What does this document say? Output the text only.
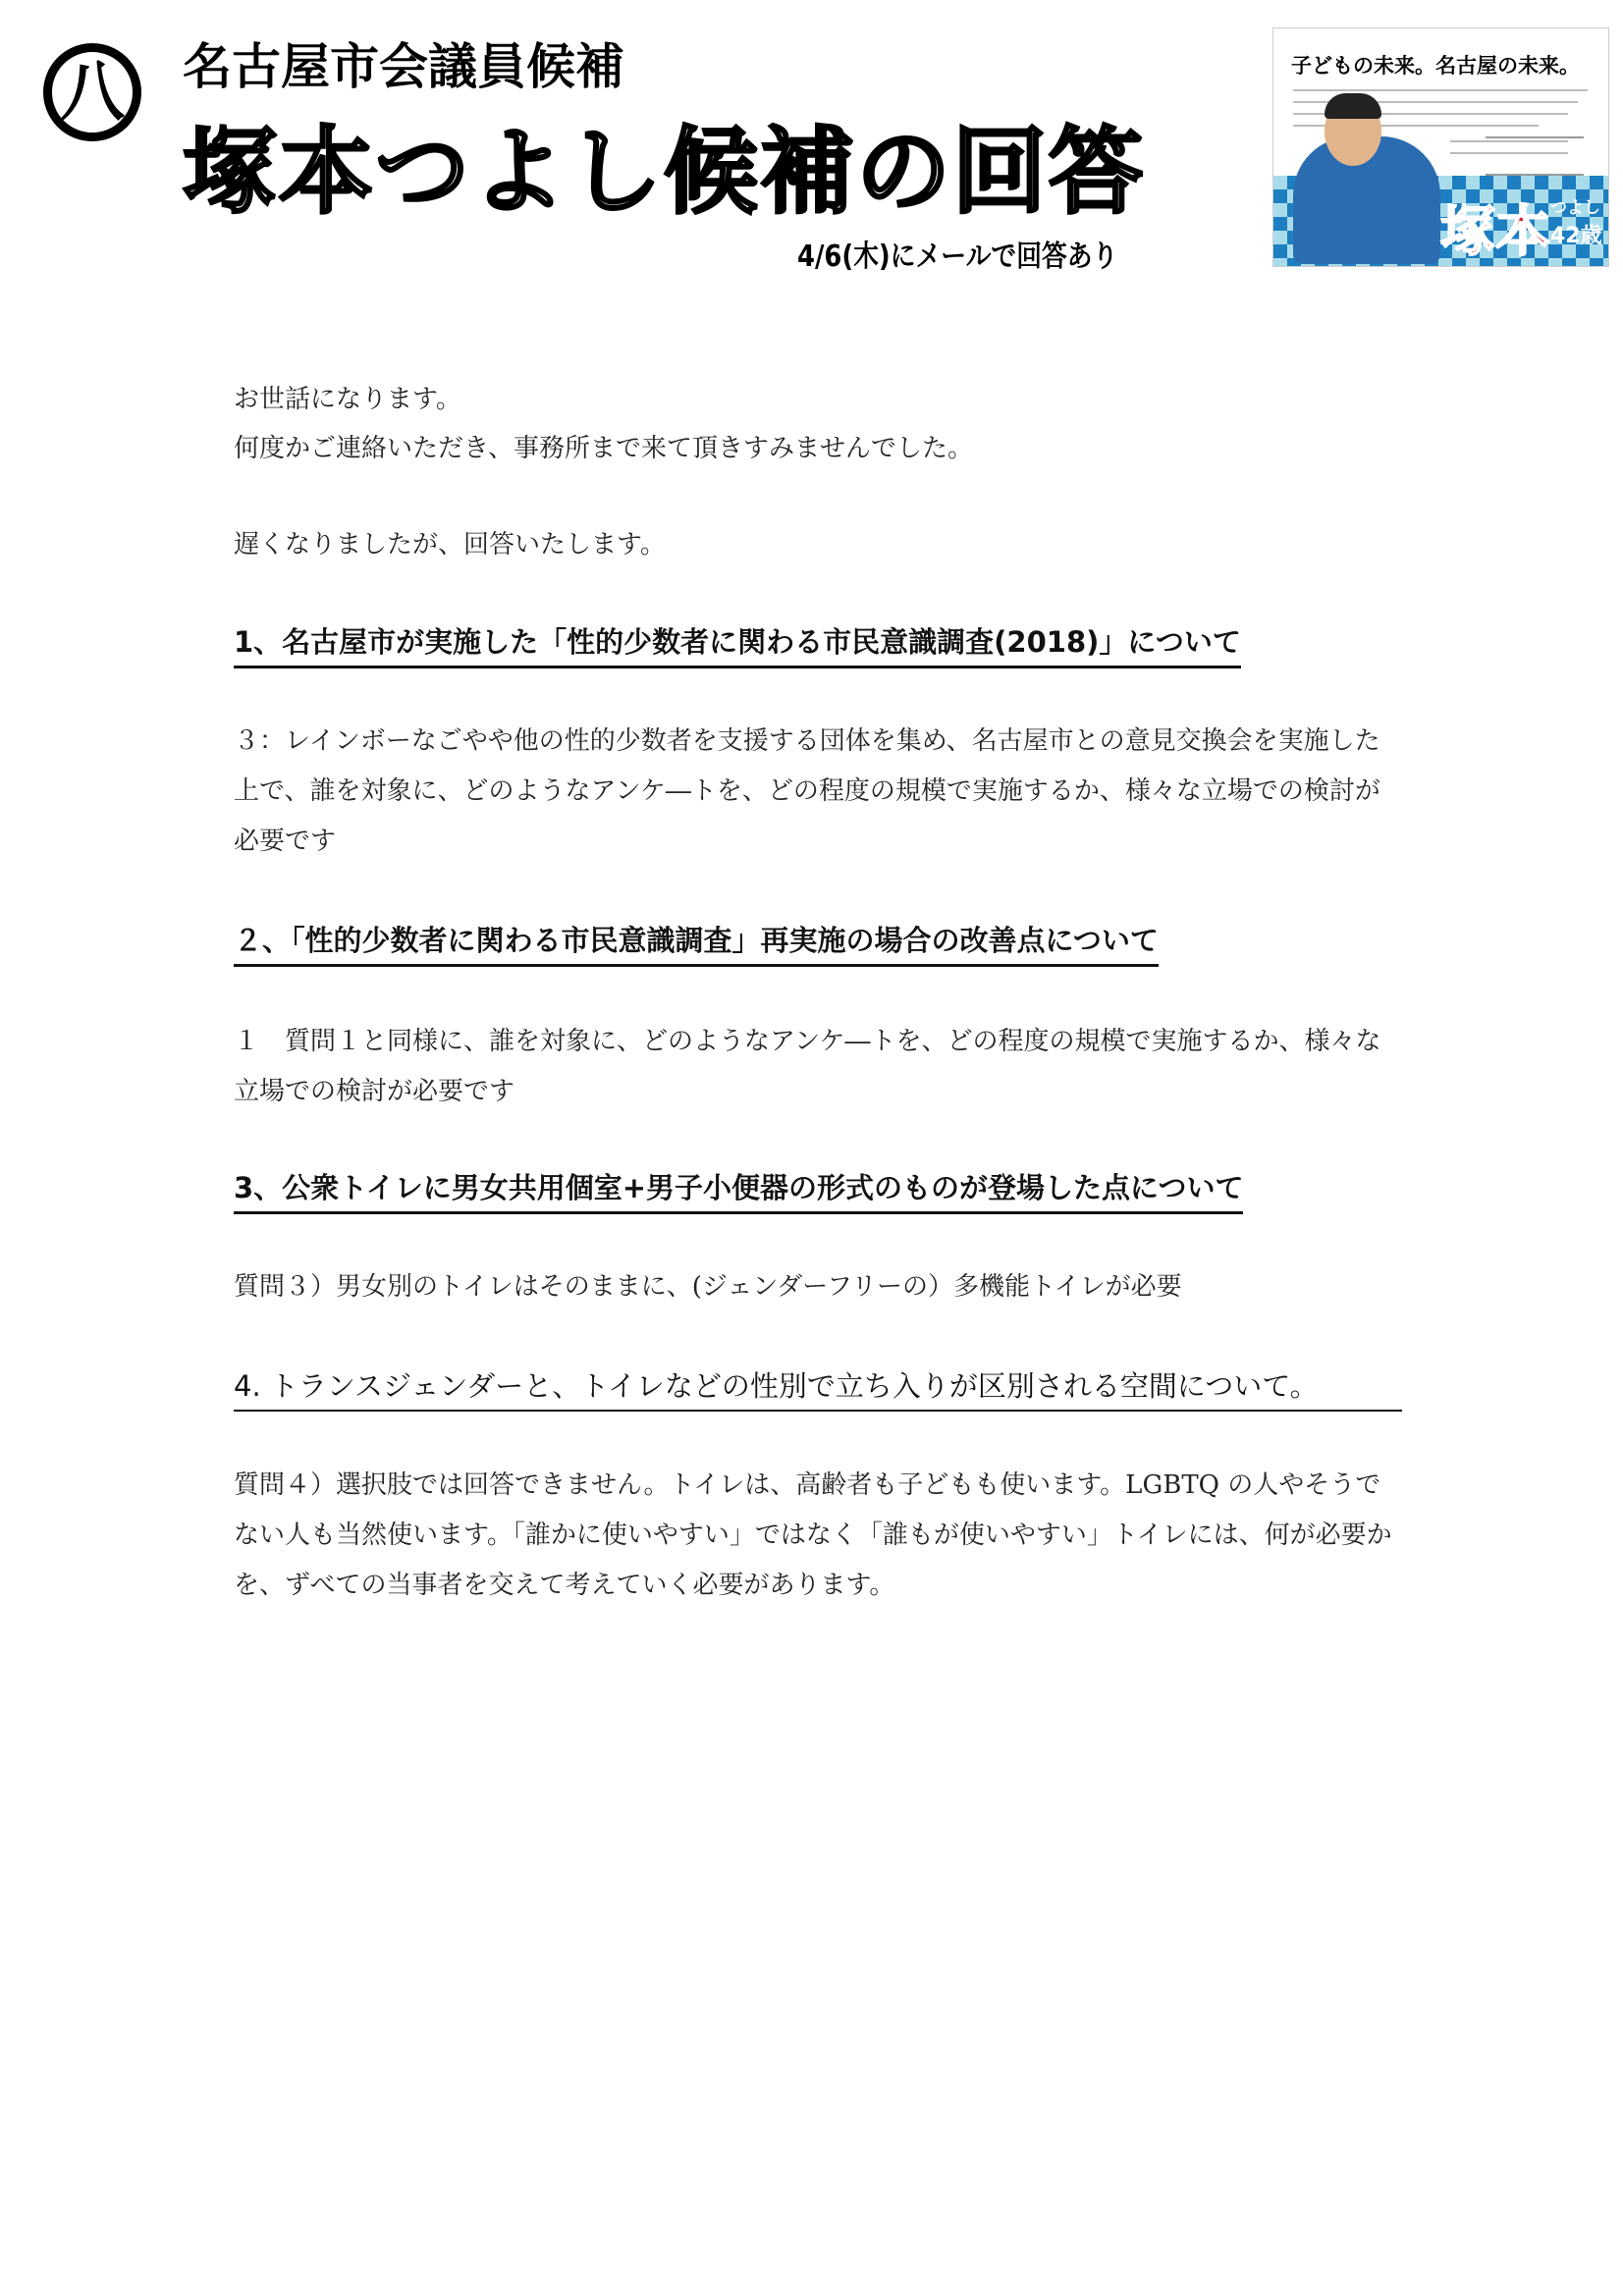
八	名古屋市会議員候補
塚本つよし候補の回答
4/6(木)にメールで回答あり
子どもの未来。名古屋の未来。
塚本 つよし
42歳
お世話になります。
何度かご連絡いただき、事務所まで来て頂きすみませんでした。
遅くなりましたが、回答いたします。
1、名古屋市が実施した「性的少数者に関わる市民意識調査(2018)」について
３：レインボーなごやや他の性的少数者を支援する団体を集め、名古屋市との意見交換会を実施した上で、誰を対象に、どのようなアンケ―トを、どの程度の規模で実施するか、様々な立場での検討が必要です
２、「性的少数者に関わる市民意識調査」再実施の場合の改善点について
１　質問１と同様に、誰を対象に、どのようなアンケ―トを、どの程度の規模で実施するか、様々な立場での検討が必要です
3、公衆トイレに男女共用個室+男子小便器の形式のものが登場した点について
質問３）男女別のトイレはそのままに、(ジェンダーフリーの）多機能トイレが必要
4. トランスジェンダーと、トイレなどの性別で立ち入りが区別される空間について。
質問４）選択肢では回答できません。トイレは、高齢者も子どもも使います。LGBTQ の人やそうでない人も当然使います。「誰かに使いやすい」ではなく「誰もが使いやすい」トイレには、何が必要かを、ずべての当事者を交えて考えていく必要があります。
